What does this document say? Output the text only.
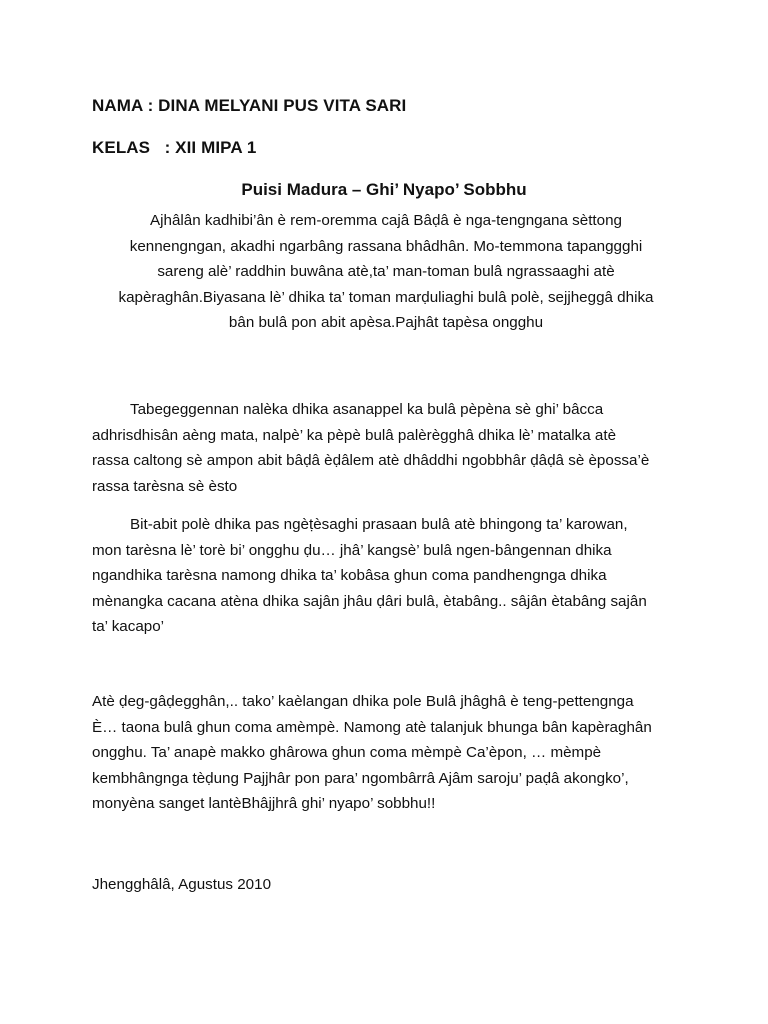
NAMA : DINA MELYANI PUS VITA SARI
KELAS   : XII MIPA 1
Puisi Madura – Ghi’ Nyapo’ Sobbhu
Ajhâlân kadhibi’ân è rem-oremma cajâ Bâḍâ è nga-tengngana sèttong
kennengngan, akadhi ngarbâng rassana bhâdhân. Mo-temmona tapanggghi
sareng alè’ raddhin buwâna atè,ta’ man-toman bulâ ngrassaaghi atè
kapèraghân.Biyasana lè’ dhika ta’ toman marḍuliaghi bulâ polè, sejjheggâ dhika
bân bulâ pon abit apèsa.Pajhât tapèsa ongghu
Tabegeggennan nalèka dhika asanappel ka bulâ pèpèna sè ghi’ bâcca
adhrisdhisân aèng mata, nalpè’ ka pèpè bulâ palèrègghâ dhika lè’ matalka atè
rassa caltong sè ampon abit bâḍâ èḍâlem atè dhâddhi ngobbhâr ḍâḍâ sè èpossa’è
rassa tarèsna sè èsto
Bit-abit polè dhika pas ngèṭèsaghi prasaan bulâ atè bhingong ta’ karowan,
mon tarèsna lè’ torè bi’ ongghu ḍu… jhâ’ kangsè’ bulâ ngen-bângennan dhika
ngandhika tarèsna namong dhika ta’ kobâsa ghun coma pandhengnga dhika
mènangka cacana atèna dhika sajân jhâu ḍâri bulâ, ètabâng.. sâjân ètabâng sajân
ta’ kacapo’
Atè ḍeg-gâḍegghân,.. tako’ kaèlangan dhika pole Bulâ jhâghâ è teng-pettengnga
È… taona bulâ ghun coma amèmpè. Namong atè talanjuk bhunga bân kapèraghân
ongghu. Ta’ anapè makko ghârowa ghun coma mèmpè Ca’èpon, … mèmpè
kembhângnga tèḍung Pajjhâr pon para’ ngombârrâ Ajâm saroju’ paḍâ akongko’,
monyèna sanget lantèBhâjjhrâ ghi’ nyapo’ sobbhu!!
Jhengghâlâ, Agustus 2010
